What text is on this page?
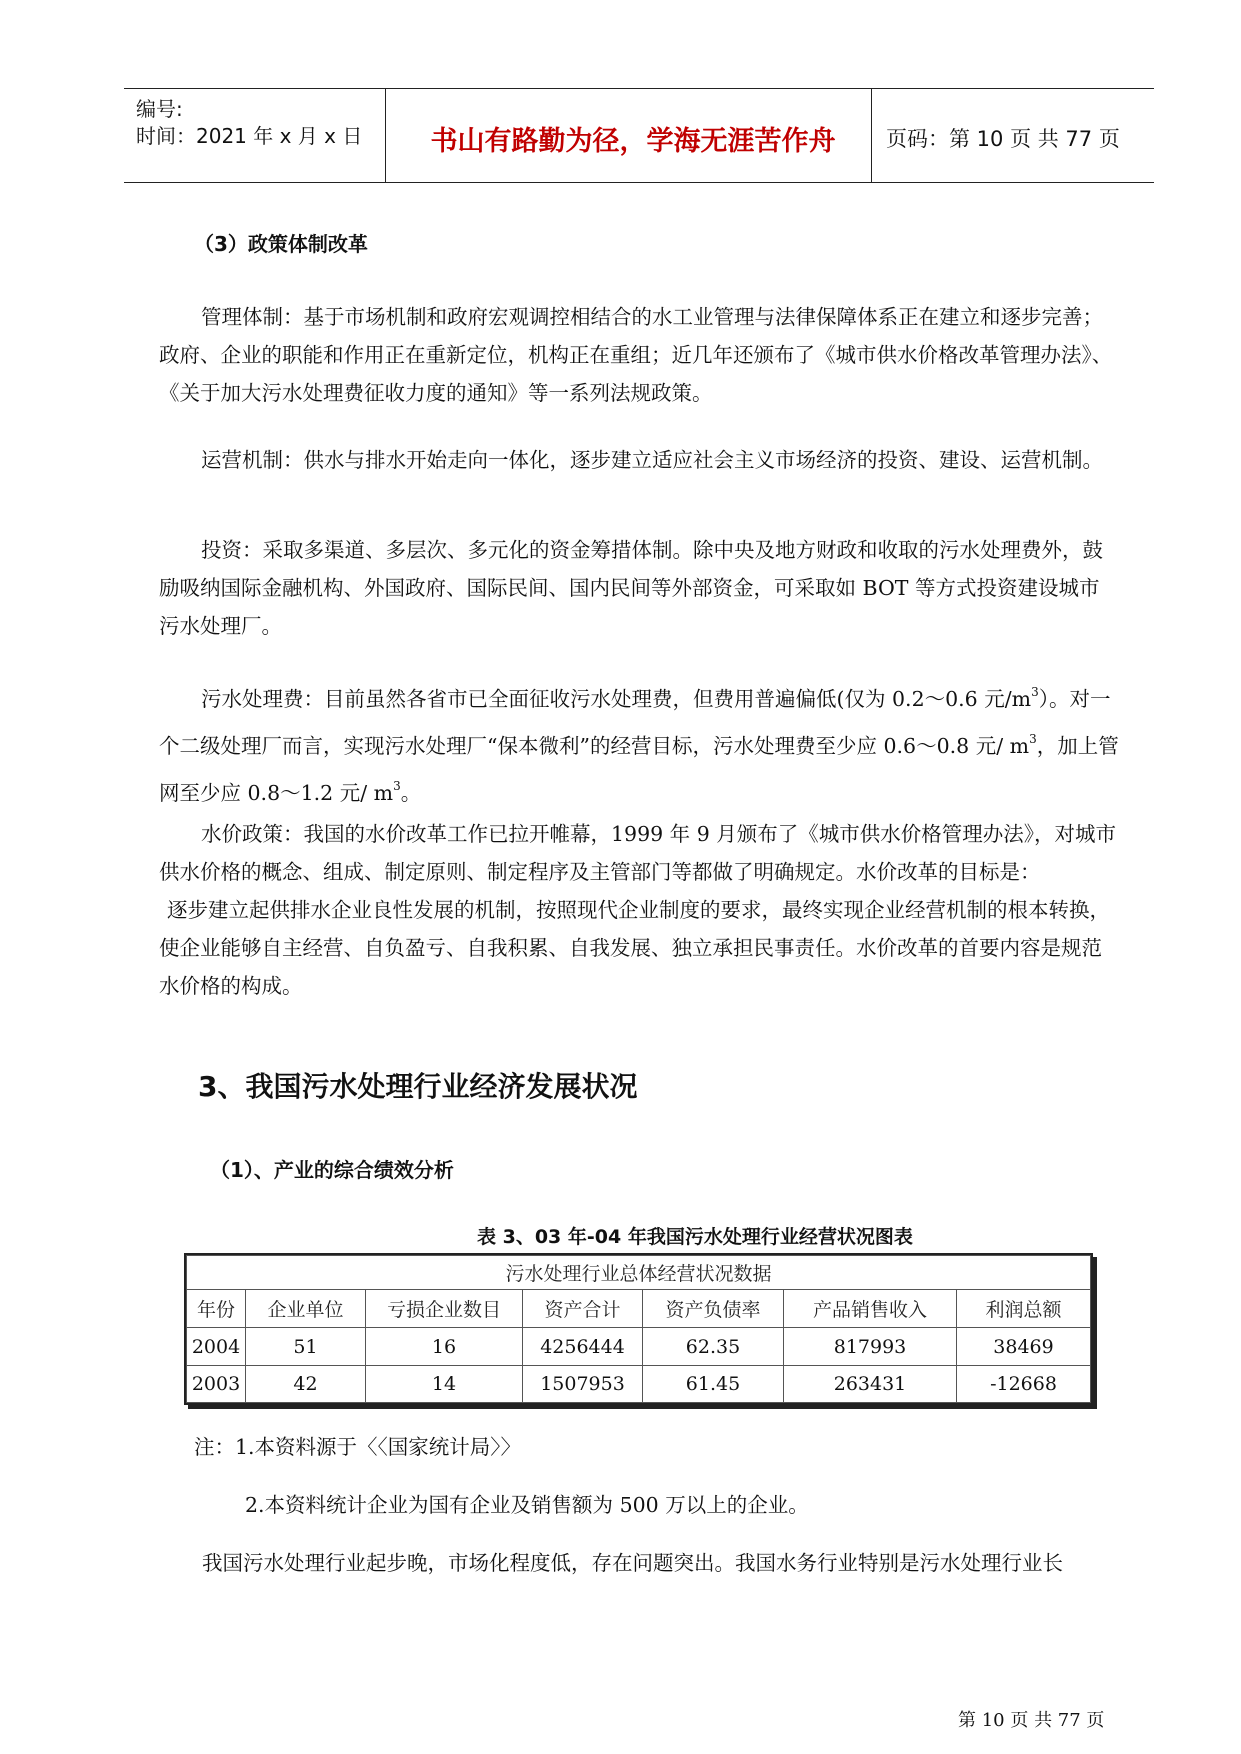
编号:
时间：2021 年 x 月 x 日	书山有路勤为径，学海无涯苦作舟	页码：第 10 页 共 77 页
（3）政策体制改革
管理体制：基于市场机制和政府宏观调控相结合的水工业管理与法律保障体系正在建立和逐步完善；政府、企业的职能和作用正在重新定位，机构正在重组；近几年还颁布了《城市供水价格改革管理办法》、《关于加大污水处理费征收力度的通知》等一系列法规政策。
运营机制：供水与排水开始走向一体化，逐步建立适应社会主义市场经济的投资、建设、运营机制。
投资：采取多渠道、多层次、多元化的资金筹措体制。除中央及地方财政和收取的污水处理费外，鼓励吸纳国际金融机构、外国政府、国际民间、国内民间等外部资金，可采取如 BOT 等方式投资建设城市污水处理厂。
污水处理费：目前虽然各省市已全面征收污水处理费，但费用普遍偏低(仅为 0.2～0.6 元$/m^3$）。对一个二级处理厂而言，实现污水处理厂“保本微利”的经营目标，污水处理费至少应 0.6～0.8 元/ $m^3$，加上管网至少应 0.8～1.2 元/ $m^3$。
水价政策：我国的水价改革工作已拉开帷幕，1999 年 9 月颁布了《城市供水价格管理办法》，对城市供水价格的概念、组成、制定原则、制定程序及主管部门等都做了明确规定。水价改革的目标是：
逐步建立起供排水企业良性发展的机制，按照现代企业制度的要求，最终实现企业经营机制的根本转换，使企业能够自主经营、自负盈亏、自我积累、自我发展、独立承担民事责任。水价改革的首要内容是规范水价格的构成。
3、我国污水处理行业经济发展状况
（1）、产业的综合绩效分析
表 3、03 年-04 年我国污水处理行业经营状况图表
污水处理行业总体经营状况数据						
年份	企业单位	亏损企业数目	资产合计	资产负债率	产品销售收入	利润总额
2004	51	16	4256444	62.35	817993	38469
2003	42	14	1507953	61.45	263431	-12668
注：1.本资料源于〈〈国家统计局〉〉
2.本资料统计企业为国有企业及销售额为 500 万以上的企业。
我国污水处理行业起步晚，市场化程度低，存在问题突出。我国水务行业特别是污水处理行业长
第 10 页 共 77 页
